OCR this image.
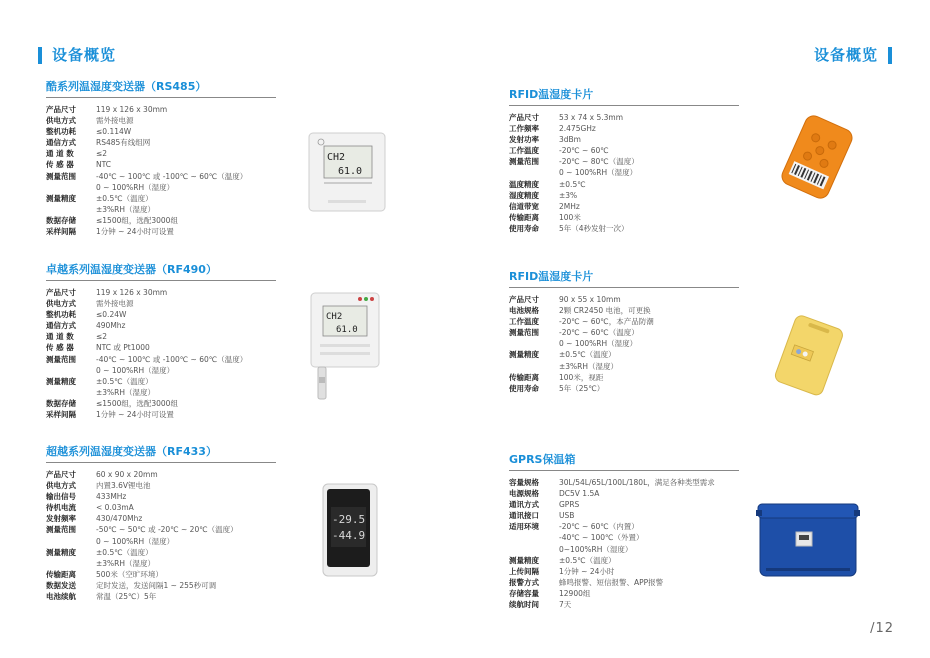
设备概览	设备概览
酷系列温湿度变送器（RS485）
产品尺寸	119 x 126 x 30mm
供电方式	需外接电源
整机功耗	≤0.114W
通信方式	RS485有线组网
通 道 数	≤2
传 感 器	NTC
测量范围	-40℃ ~ 100℃ 或 -100℃ ~ 60℃（温度）
0 ~ 100%RH（湿度）
测量精度	±0.5℃（温度）
±3%RH（湿度）
数据存储	≤1500组，选配3000组
采样间隔	1分钟 ~ 24小时可设置
卓越系列温湿度变送器（RF490）
产品尺寸	119 x 126 x 30mm
供电方式	需外接电源
整机功耗	≤0.24W
通信方式	490Mhz
通 道 数	≤2
传 感 器	NTC 或 Pt1000
测量范围	-40℃ ~ 100℃ 或 -100℃ ~ 60℃（温度）
0 ~ 100%RH（湿度）
测量精度	±0.5℃（温度）
±3%RH（湿度）
数据存储	≤1500组，选配3000组
采样间隔	1分钟 ~ 24小时可设置
超越系列温湿度变送器（RF433）
产品尺寸	60 x 90 x 20mm
供电方式	内置3.6V锂电池
输出信号	433MHz
待机电流	< 0.03mA
发射频率	430/470Mhz
测量范围	-50℃ ~ 50℃ 或 -20℃ ~ 20℃（温度）
0 ~ 100%RH（湿度）
测量精度	±0.5℃（温度）
±3%RH（湿度）
传输距离	500米（空旷环境）
数据发送	定时发送，发送间隔1 ~ 255秒可调
电池续航	常温（25℃）5年
RFID温湿度卡片
产品尺寸	53 x 74 x 5.3mm
工作频率	2.475GHz
发射功率	3dBm
工作温度	-20℃ ~ 60℃
测量范围	-20℃ ~ 80℃（温度）
0 ~ 100%RH（湿度）
温度精度	±0.5℃
湿度精度	±3%
信道带宽	2MHz
传输距离	100米
使用寿命	5年（4秒发射一次）
RFID温湿度卡片
产品尺寸	90 x 55 x 10mm
电池规格	2颗 CR2450 电池，可更换
工作温度	-20℃ ~ 60℃，本产品防潮
测量范围	-20℃ ~ 60℃（温度）
0 ~ 100%RH（湿度）
测量精度	±0.5℃（温度）
±3%RH（湿度）
传输距离	100米，视距
使用寿命	5年（25℃）
GPRS保温箱
容量规格	30L/54L/65L/100L/180L，满足各种类型需求
电源规格	DC5V 1.5A
通讯方式	GPRS
通讯接口	USB
适用环境	-20℃ ~ 60℃（内置）
-40℃ ~ 100℃（外置）
0~100%RH（湿度）
测量精度	±0.5℃（温度）
上传间隔	1分钟 ~ 24小时
报警方式	蜂鸣报警、短信报警、APP报警
存储容量	12900组
续航时间	7天
CH2
61.0
CH2
61.0
-29.5
-44.9
/12
